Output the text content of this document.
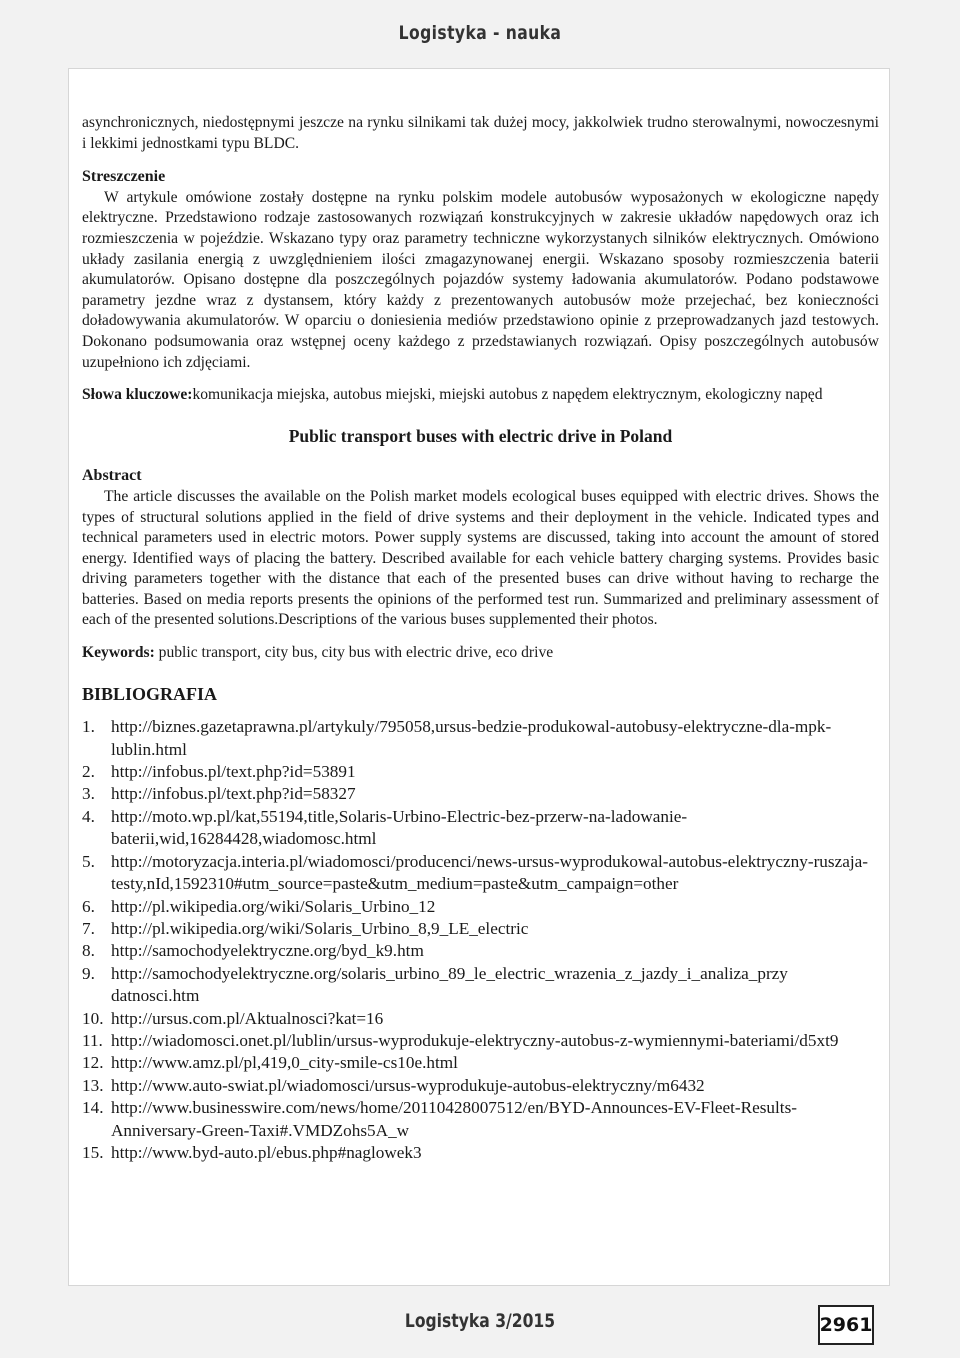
Logistyka - nauka

asynchronicznych, niedostępnymi jeszcze na rynku silnikami tak dużej mocy, jakkolwiek trudno sterowalnymi, nowoczesnymi i lekkimi jednostkami typu BLDC.

Streszczenie

W artykule omówione zostały dostępne na rynku polskim modele autobusów wyposażonych w ekologiczne napędy elektryczne. Przedstawiono rodzaje zastosowanych rozwiązań konstrukcyjnych w zakresie układów napędowych oraz ich rozmieszczenia w pojeździe. Wskazano typy oraz parametry techniczne wykorzystanych silników elektrycznych. Omówiono układy zasilania energią z uwzględnieniem ilości zmagazynowanej energii. Wskazano sposoby rozmieszczenia baterii akumulatorów. Opisano dostępne dla poszczególnych pojazdów systemy ładowania akumulatorów. Podano podstawowe parametry jezdne wraz z dystansem, który każdy z prezentowanych autobusów może przejechać, bez konieczności doładowywania akumulatorów. W oparciu o doniesienia mediów przedstawiono opinie z przeprowadzanych jazd testowych. Dokonano podsumowania oraz wstępnej oceny każdego z przedstawianych rozwiązań. Opisy poszczególnych autobusów uzupełniono ich zdjęciami.

Słowa kluczowe:komunikacja miejska, autobus miejski, miejski autobus z napędem elektrycznym, ekologiczny napęd

Public transport buses with electric drive in Poland
Abstract

The article discusses the available on the Polish market models ecological buses equipped with electric drives. Shows the types of structural solutions applied in the field of drive systems and their deployment in the vehicle. Indicated types and technical parameters used in electric motors. Power supply systems are discussed, taking into account the amount of stored energy. Identified ways of placing the battery. Described available for each vehicle battery charging systems. Provides basic driving parameters together with the distance that each of the presented buses can drive without having to recharge the batteries. Based on media reports presents the opinions of the performed test run. Summarized and preliminary assessment of each of the presented solutions.Descriptions of the various buses supplemented their photos.

Keywords: public transport, city bus, city bus with electric drive, eco drive

BIBLIOGRAFIA
1. http://biznes.gazetaprawna.pl/artykuly/795058,ursus-bedzie-produkowal-autobusy-elektryczne-dla-mpk-lublin.html
2. http://infobus.pl/text.php?id=53891
3. http://infobus.pl/text.php?id=58327
4. http://moto.wp.pl/kat,55194,title,Solaris-Urbino-Electric-bez-przerw-na-ladowanie-baterii,wid,16284428,wiadomosc.html
5. http://motoryzacja.interia.pl/wiadomosci/producenci/news-ursus-wyprodukowal-autobus-elektryczny-ruszaja-testy,nId,1592310#utm_source=paste&utm_medium=paste&utm_campaign=other
6. http://pl.wikipedia.org/wiki/Solaris_Urbino_12
7. http://pl.wikipedia.org/wiki/Solaris_Urbino_8,9_LE_electric
8. http://samochodyelektryczne.org/byd_k9.htm
9. http://samochodyelektryczne.org/solaris_urbino_89_le_electric_wrazenia_z_jazdy_i_analiza_przy datnosci.htm
10. http://ursus.com.pl/Aktualnosci?kat=16
11. http://wiadomosci.onet.pl/lublin/ursus-wyprodukuje-elektryczny-autobus-z-wymiennymi-bateriami/d5xt9
12. http://www.amz.pl/pl,419,0_city-smile-cs10e.html
13. http://www.auto-swiat.pl/wiadomosci/ursus-wyprodukuje-autobus-elektryczny/m6432
14. http://www.businesswire.com/news/home/20110428007512/en/BYD-Announces-EV-Fleet-Results-Anniversary-Green-Taxi#.VMDZohs5A_w
15. http://www.byd-auto.pl/ebus.php#naglowek3
Logistyka 3/2015	2961
